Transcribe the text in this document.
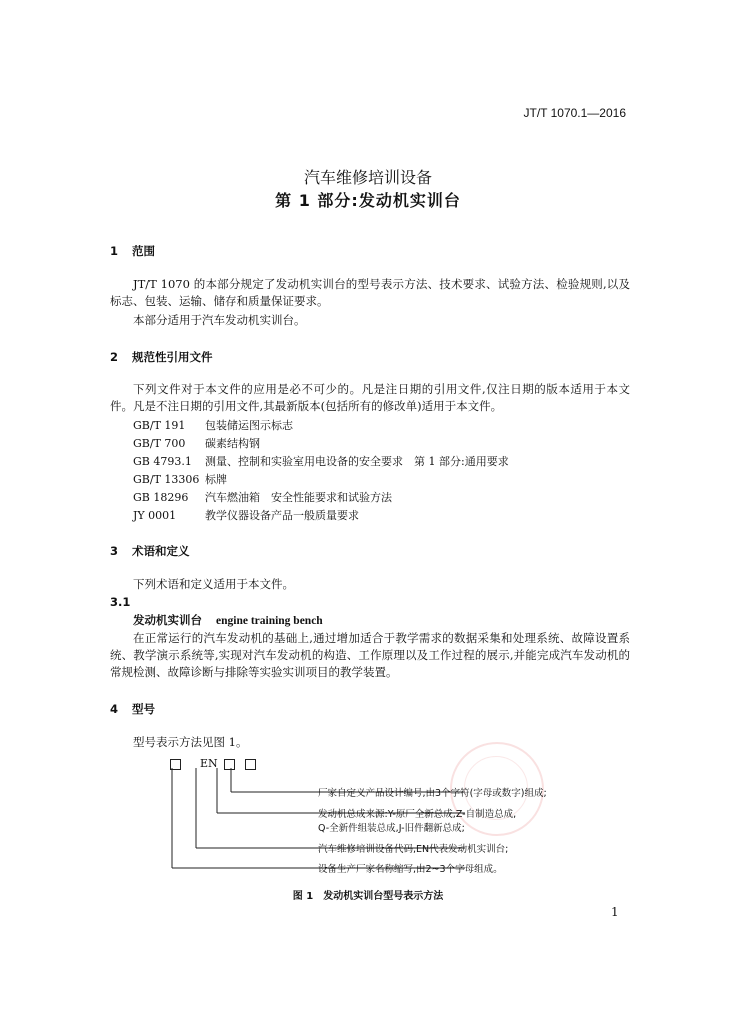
JT/T 1070.1—2016
汽车维修培训设备
第 1 部分:发动机实训台
1 范围
JT/T 1070 的本部分规定了发动机实训台的型号表示方法、技术要求、试验方法、检验规则,以及标志、包装、运输、储存和质量保证要求。
本部分适用于汽车发动机实训台。
2 规范性引用文件
下列文件对于本文件的应用是必不可少的。凡是注日期的引用文件,仅注日期的版本适用于本文件。凡是不注日期的引用文件,其最新版本(包括所有的修改单)适用于本文件。
GB/T 191 包装储运图示标志
GB/T 700 碳素结构钢
GB 4793.1 测量、控制和实验室用电设备的安全要求　第 1 部分:通用要求
GB/T 13306 标牌
GB 18296 汽车燃油箱　安全性能要求和试验方法
JY 0001	教学仪器设备产品一般质量要求
3 术语和定义
下列术语和定义适用于本文件。
3.1
发动机实训台 engine training bench
在正常运行的汽车发动机的基础上,通过增加适合于教学需求的数据采集和处理系统、故障设置系统、教学演示系统等,实现对汽车发动机的构造、工作原理以及工作过程的展示,并能完成汽车发动机的常规检测、故障诊断与排除等实验实训项目的教学装置。
4 型号
型号表示方法见图 1。
EN
厂家自定义产品设计编号,由3个字符(字母或数字)组成;
发动机总成来源:Y-原厂全新总成,Z-自制造总成,
Q-全新件组装总成,J-旧件翻新总成;
汽车维修培训设备代码,EN代表发动机实训台;
设备生产厂家名称缩写,由2~3个字母组成。
图 1　发动机实训台型号表示方法
1
